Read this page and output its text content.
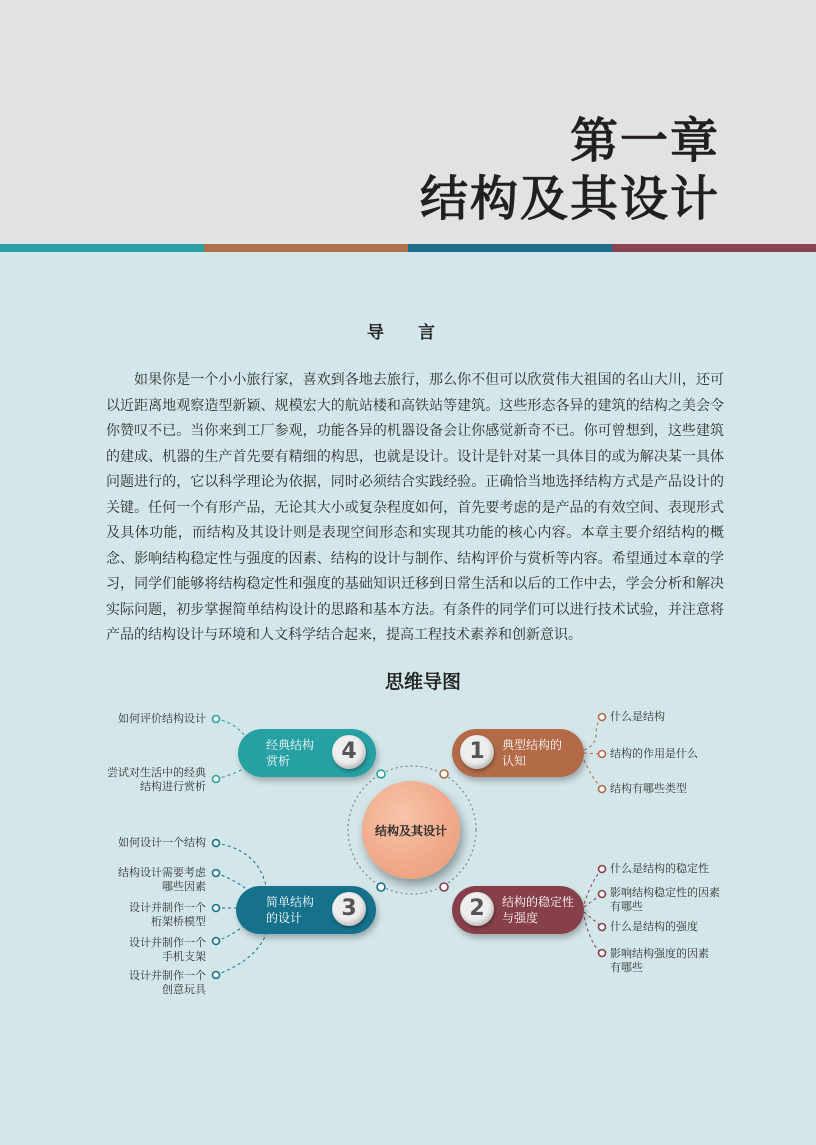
第一章
结构及其设计
导 言
如果你是一个小小旅行家，喜欢到各地去旅行，那么你不但可以欣赏伟大祖国的名山大川，还可以近距离地观察造型新颖、规模宏大的航站楼和高铁站等建筑。这些形态各异的建筑的结构之美会令你赞叹不已。当你来到工厂参观，功能各异的机器设备会让你感觉新奇不已。你可曾想到，这些建筑的建成、机器的生产首先要有精细的构思，也就是设计。设计是针对某一具体目的或为解决某一具体问题进行的，它以科学理论为依据，同时必须结合实践经验。正确恰当地选择结构方式是产品设计的关键。任何一个有形产品，无论其大小或复杂程度如何，首先要考虑的是产品的有效空间、表现形式及具体功能，而结构及其设计则是表现空间形态和实现其功能的核心内容。本章主要介绍结构的概念、影响结构稳定性与强度的因素、结构的设计与制作、结构评价与赏析等内容。希望通过本章的学习，同学们能够将结构稳定性和强度的基础知识迁移到日常生活和以后的工作中去，学会分析和解决实际问题，初步掌握简单结构设计的思路和基本方法。有条件的同学们可以进行技术试验，并注意将产品的结构设计与环境和人文科学结合起来，提高工程技术素养和创新意识。
思维导图
结构及其设计
1	典型结构的
认知
2	结构的稳定性
与强度
3
简单结构
的设计
4
经典结构
赏析
什么是结构
结构的作用是什么
结构有哪些类型
什么是结构的稳定性
影响结构稳定性的因素
有哪些
什么是结构的强度
影响结构强度的因素
有哪些
如何设计一个结构
结构设计需要考虑
哪些因素
设计并制作一个
桁架桥模型
设计并制作一个
手机支架
设计并制作一个
创意玩具
如何评价结构设计
尝试对生活中的经典
结构进行赏析
